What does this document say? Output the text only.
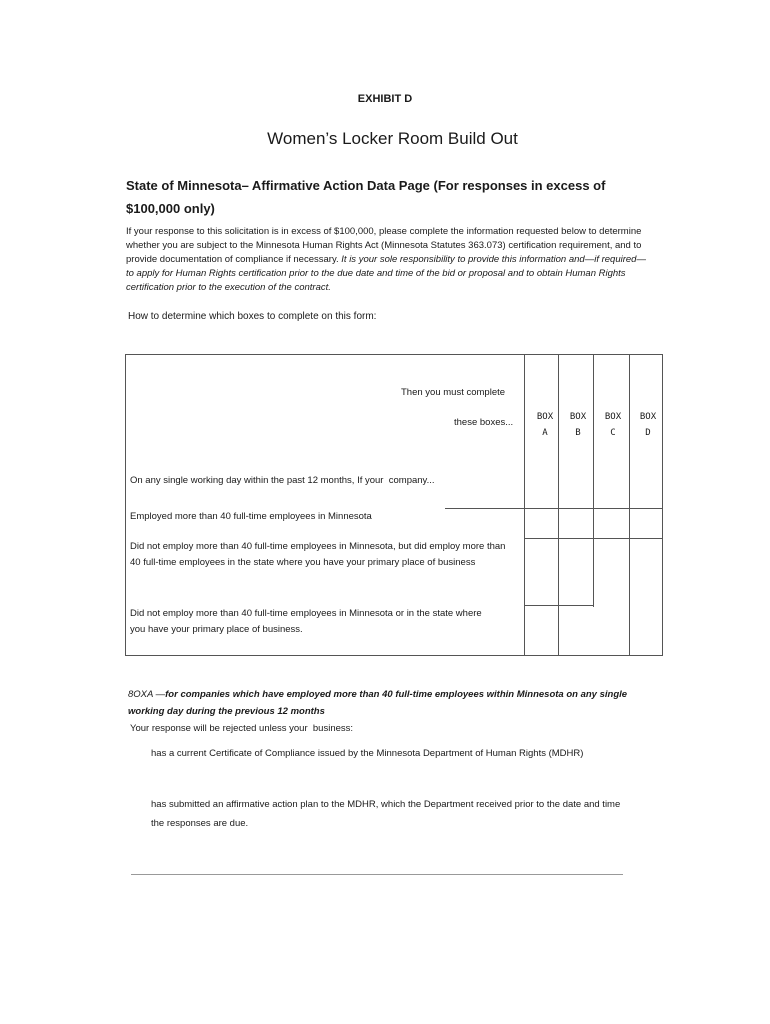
EXHIBIT D
Women’s Locker Room Build Out
State of Minnesota– Affirmative Action Data Page (For responses in excess of $100,000 only)
If your response to this solicitation is in excess of $100,000, please complete the information requested below to determine whether you are subject to the Minnesota Human Rights Act (Minnesota Statutes 363.073) certification requirement, and to provide documentation of compliance if necessary. It is your sole responsibility to provide this information and—if required—to apply for Human Rights certification prior to the due date and time of the bid or proposal and to obtain Human Rights certification prior to the execution of the contract.
How to determine which boxes to complete on this form:
Then you must complete
these boxes...
On any single working day within the past 12 months, If your  company...
BOX
A
BOX
B
BOX
C
BOX
D
Employed more than 40 full-time employees in Minnesota
Did not employ more than 40 full-time employees in Minnesota, but did employ more than 40 full-time employees in the state where you have your primary place of business
Did not employ more than 40 full-time employees in Minnesota or in the state where you have your primary place of business.
8OXA —for companies which have employed more than 40 full-time employees within Minnesota on any single working day during the previous 12 months
Your response will be rejected unless your  business:
has a current Certificate of Compliance issued by the Minnesota Department of Human Rights (MDHR)
has submitted an affirmative action plan to the MDHR, which the Department received prior to the date and time the responses are due.
